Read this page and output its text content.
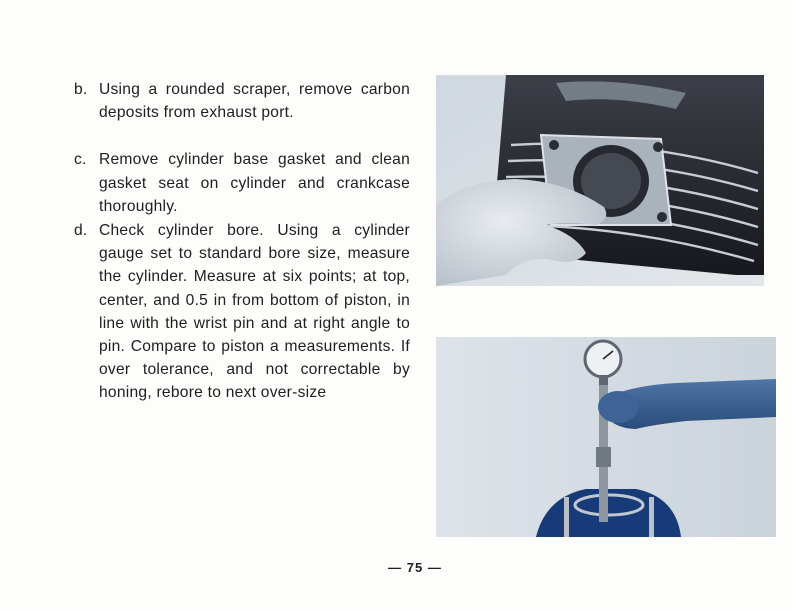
b. Using a rounded scraper, remove carbon deposits from exhaust port.
c. Remove cylinder base gasket and clean gasket seat on cylinder and crankcase thoroughly.
d. Check cylinder bore. Using a cylinder gauge set to standard bore size, measure the cylinder. Measure at six points; at top, center, and 0.5 in from bottom of piston, in line with the wrist pin and at right angle to pin. Compare to piston a measurements. If over tolerance, and not correctable by honing, rebore to next over-size
— 75 —
